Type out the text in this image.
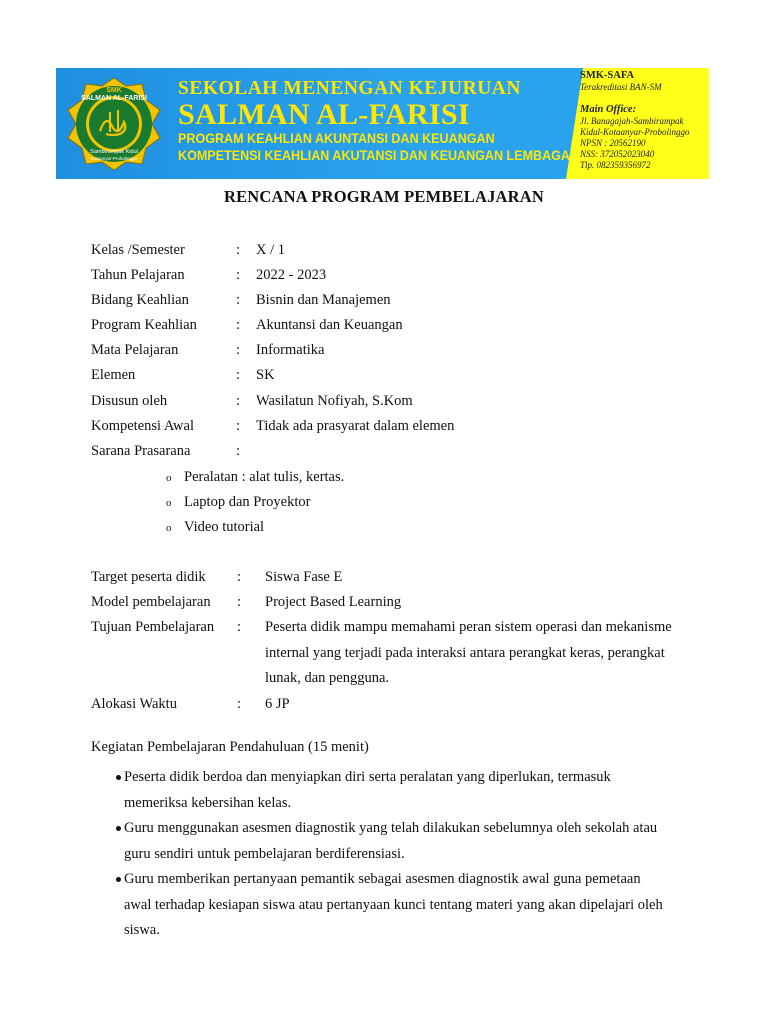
SMK
SALMAN AL-FARISI
Sambirampak Kidul
Kotaanyar-Probolinggo
SEKOLAH MENENGAN KEJURUAN
SALMAN AL-FARISI
PROGRAM KEAHLIAN AKUNTANSI DAN KEUANGAN
KOMPETENSI KEAHLIAN AKUTANSI DAN KEUANGAN LEMBAGA
SMK-SAFA
Terakreditasi BAN-SM
Main Office:
Jl. Banagajah-Sambirampak
Kidul-Kotaanyar-Probolinggo
NPSN : 20562190
NSS: 372052023040
Tlp. 082359356972
RENCANA PROGRAM PEMBELAJARAN
Kelas /Semester	: X / 1
Tahun Pelajaran	: 2022 - 2023
Bidang Keahlian	: Bisnin dan Manajemen
Program Keahlian	: Akuntansi dan Keuangan
Mata Pelajaran	: Informatika
Elemen	: SK
Disusun oleh	: Wasilatun Nofiyah, S.Kom
Kompetensi Awal	: Tidak ada prasyarat dalam elemen
Sarana Prasarana	:
o Peralatan : alat tulis, kertas.
o Laptop dan Proyektor
o Video tutorial
Target peserta didik : Siswa Fase E
Model pembelajaran : Project Based Learning
Tujuan Pembelajaran : Peserta didik mampu memahami peran sistem operasi dan mekanisme internal yang terjadi pada interaksi antara perangkat keras, perangkat lunak, dan pengguna.
Alokasi Waktu	: 6 JP
Kegiatan Pembelajaran Pendahuluan (15 menit)
Peserta didik berdoa dan menyiapkan diri serta peralatan yang diperlukan, termasuk memeriksa kebersihan kelas.
Guru menggunakan asesmen diagnostik yang telah dilakukan sebelumnya oleh sekolah atau guru sendiri untuk pembelajaran berdiferensiasi.
Guru memberikan pertanyaan pemantik sebagai asesmen diagnostik awal guna pemetaan awal terhadap kesiapan siswa atau pertanyaan kunci tentang materi yang akan dipelajari oleh siswa.
